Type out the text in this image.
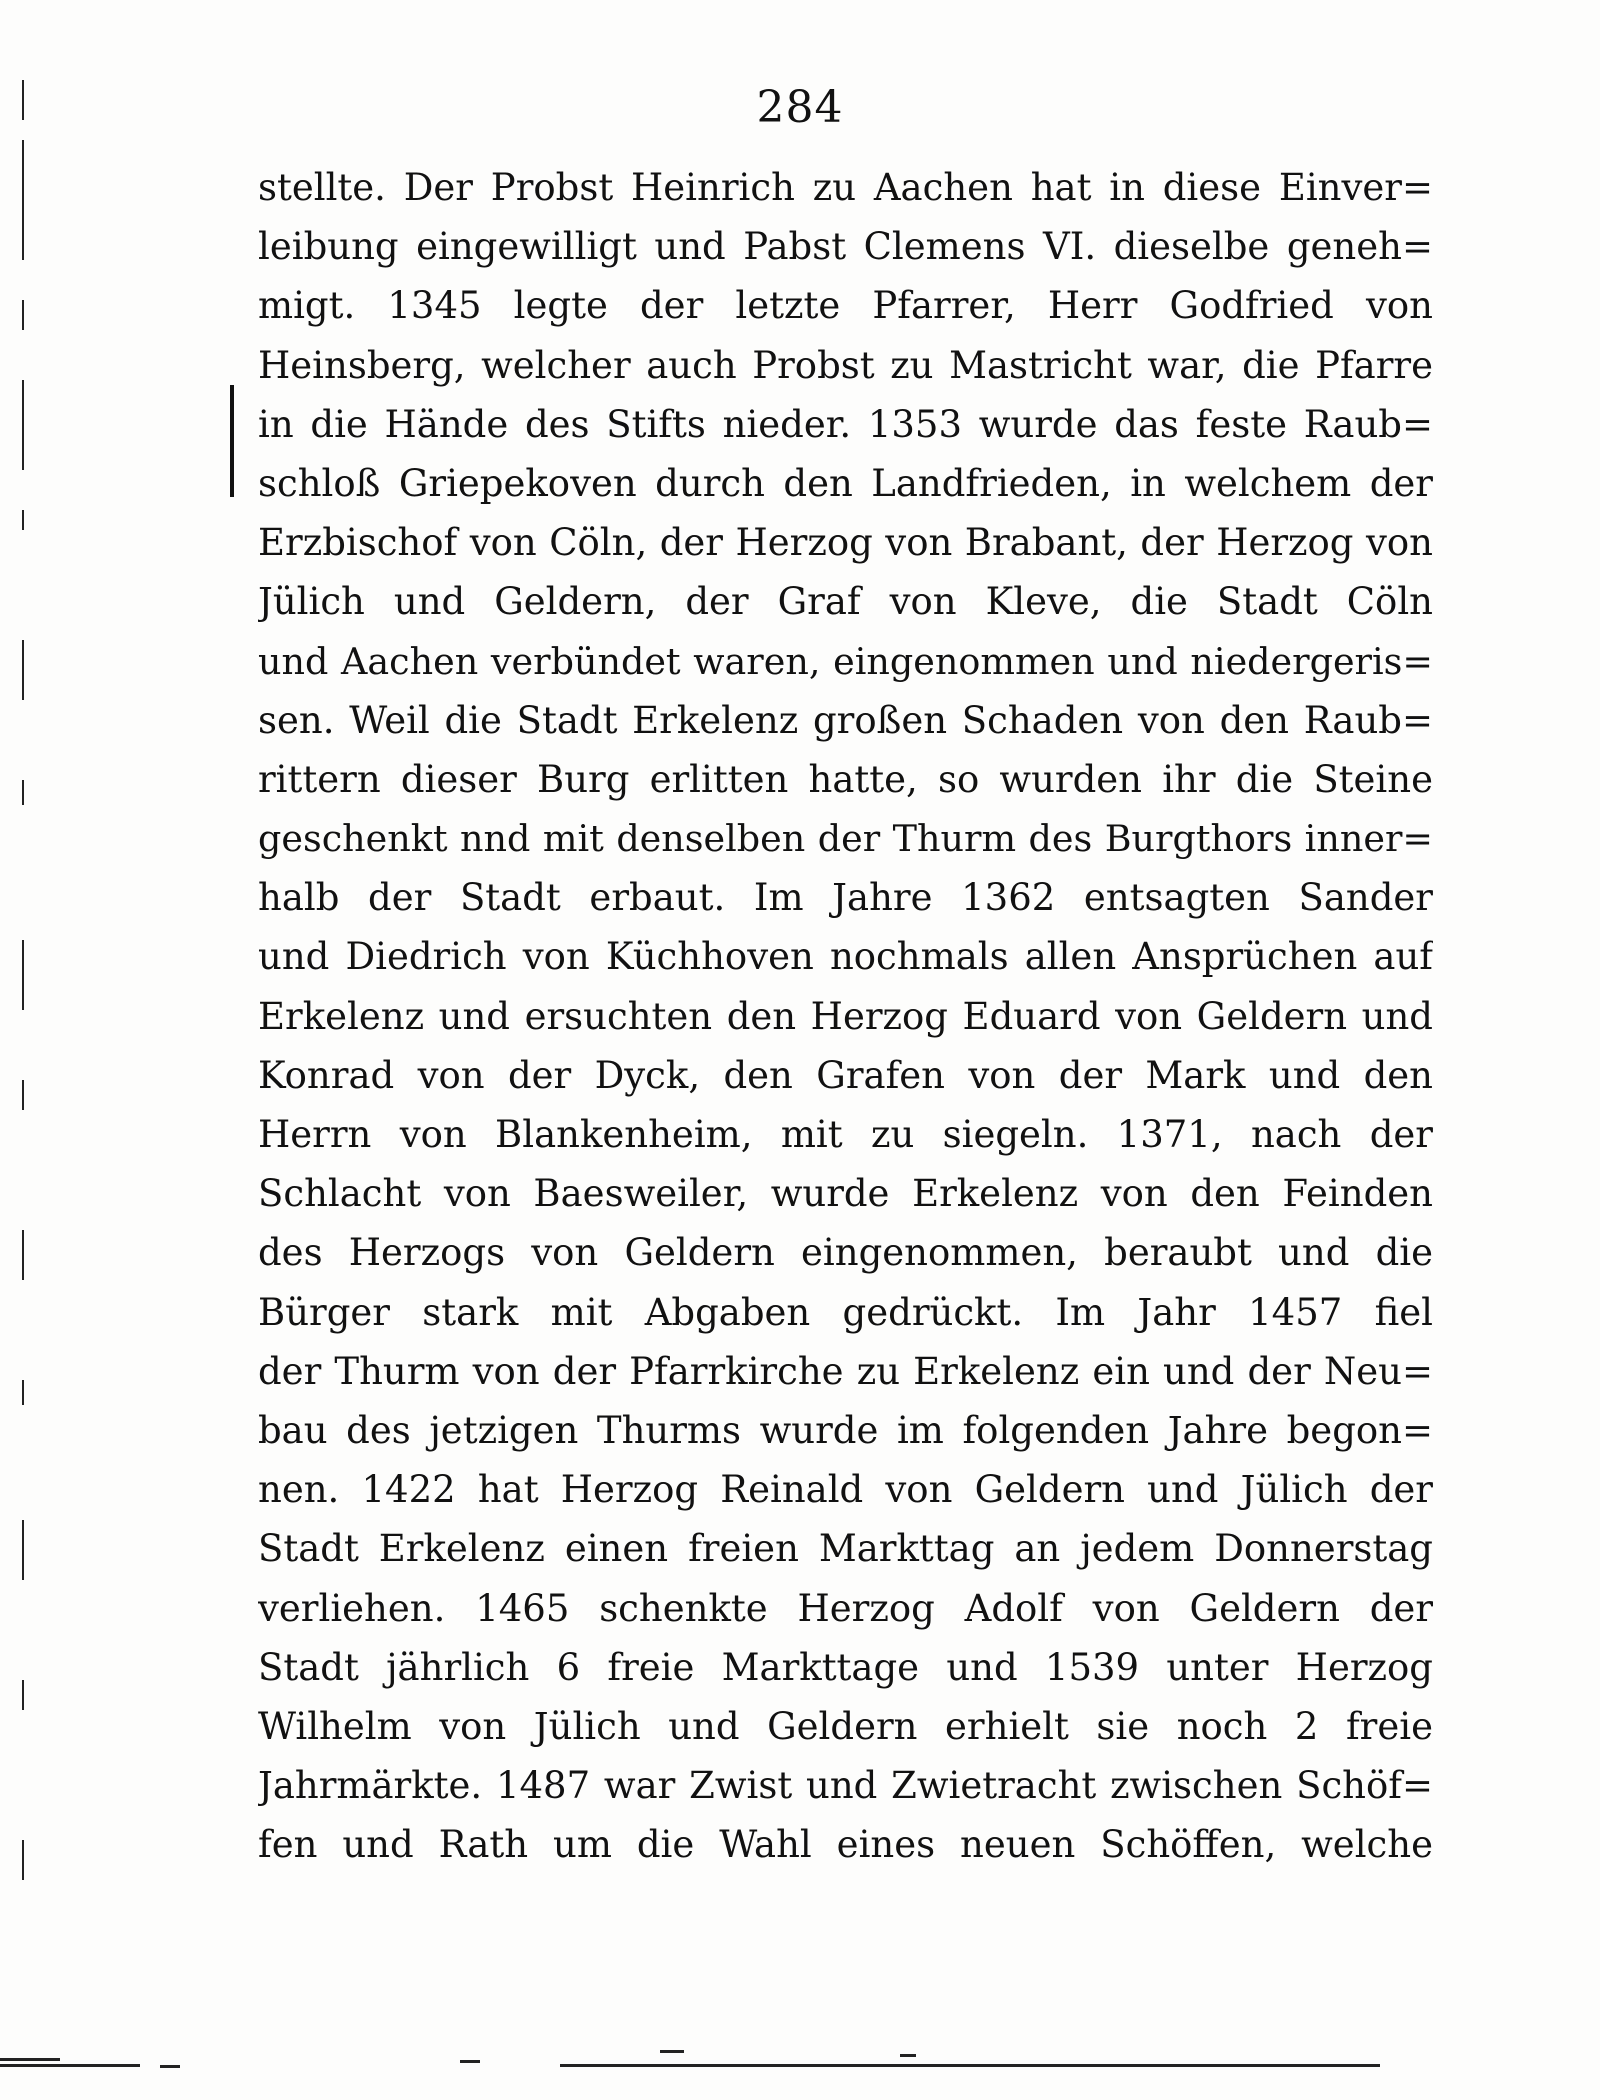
284
stellte. Der Probst Heinrich zu Aachen hat in diese Einver=
leibung eingewilligt und Pabst Clemens VI. dieselbe geneh=
migt. 1345 legte der letzte Pfarrer, Herr Godfried von
Heinsberg, welcher auch Probst zu Mastricht war, die Pfarre
in die Hände des Stifts nieder. 1353 wurde das feste Raub=
schloß Griepekoven durch den Landfrieden, in welchem der
Erzbischof von Cöln, der Herzog von Brabant, der Herzog von
Jülich und Geldern, der Graf von Kleve, die Stadt Cöln
und Aachen verbündet waren, eingenommen und niedergeris=
sen. Weil die Stadt Erkelenz großen Schaden von den Raub=
rittern dieser Burg erlitten hatte, so wurden ihr die Steine
geschenkt nnd mit denselben der Thurm des Burgthors inner=
halb der Stadt erbaut. Im Jahre 1362 entsagten Sander
und Diedrich von Küchhoven nochmals allen Ansprüchen auf
Erkelenz und ersuchten den Herzog Eduard von Geldern und
Konrad von der Dyck, den Grafen von der Mark und den
Herrn von Blankenheim, mit zu siegeln. 1371, nach der
Schlacht von Baesweiler, wurde Erkelenz von den Feinden
des Herzogs von Geldern eingenommen, beraubt und die
Bürger stark mit Abgaben gedrückt. Im Jahr 1457 fiel
der Thurm von der Pfarrkirche zu Erkelenz ein und der Neu=
bau des jetzigen Thurms wurde im folgenden Jahre begon=
nen. 1422 hat Herzog Reinald von Geldern und Jülich der
Stadt Erkelenz einen freien Markttag an jedem Donnerstag
verliehen. 1465 schenkte Herzog Adolf von Geldern der
Stadt jährlich 6 freie Markttage und 1539 unter Herzog
Wilhelm von Jülich und Geldern erhielt sie noch 2 freie
Jahrmärkte. 1487 war Zwist und Zwietracht zwischen Schöf=
fen und Rath um die Wahl eines neuen Schöffen, welche
